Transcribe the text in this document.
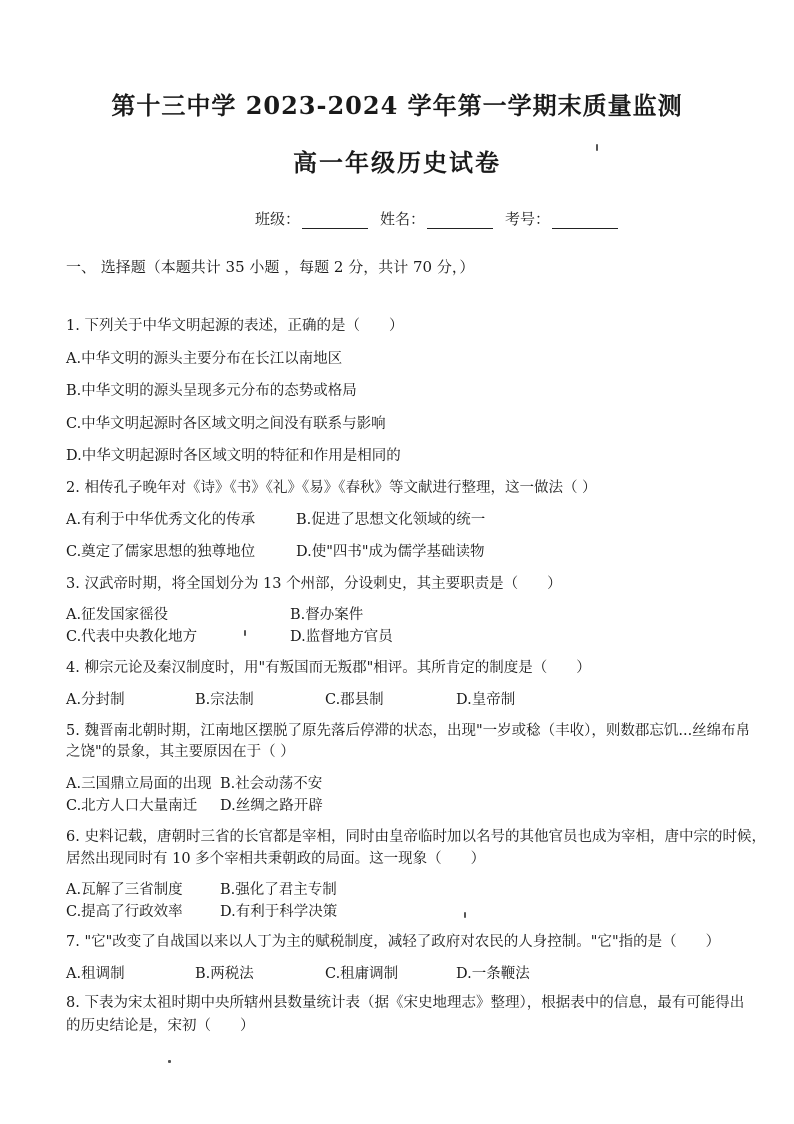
第十三中学 2023-2024 学年第一学期末质量监测
高一年级历史试卷
班级：	姓名：	考号：
一、 选择题（本题共计 35 小题 ，每题 2 分，共计 70 分，）
1. 下列关于中华文明起源的表述，正确的是（　　）
A.中华文明的源头主要分布在长江以南地区
B.中华文明的源头呈现多元分布的态势或格局
C.中华文明起源时各区域文明之间没有联系与影响
D.中华文明起源时各区域文明的特征和作用是相同的
2. 相传孔子晚年对《诗》《书》《礼》《易》《春秋》等文献进行整理，这一做法（ ）
A.有利于中华优秀文化的传承	B.促进了思想文化领域的统一
C.奠定了儒家思想的独尊地位	D.使"四书"成为儒学基础读物
3. 汉武帝时期，将全国划分为 13 个州部，分设刺史，其主要职责是（　　）
A.征发国家徭役	B.督办案件
C.代表中央教化地方	D.监督地方官员
4. 柳宗元论及秦汉制度时，用"有叛国而无叛郡"相评。其所肯定的制度是（　　）
A.分封制	B.宗法制	C.郡县制	D.皇帝制
5. 魏晋南北朝时期，江南地区摆脱了原先落后停滞的状态，出现"一岁或稔（丰收），则数郡忘饥...丝绵布帛
之饶"的景象，其主要原因在于（ ）
A.三国鼎立局面的出现 B.社会动荡不安
C.北方人口大量南迁 D.丝绸之路开辟
6. 史料记载，唐朝时三省的长官都是宰相，同时由皇帝临时加以名号的其他官员也成为宰相，唐中宗的时候，
居然出现同时有 10 多个宰相共秉朝政的局面。这一现象（　　）
A.瓦解了三省制度	B.强化了君主专制
C.提高了行政效率	D.有利于科学决策
7. "它"改变了自战国以来以人丁为主的赋税制度，减轻了政府对农民的人身控制。"它"指的是（　　）
A.租调制	B.两税法	C.租庸调制	D.一条鞭法
8. 下表为宋太祖时期中央所辖州县数量统计表（据《宋史地理志》整理），根据表中的信息，最有可能得出
的历史结论是，宋初（　　）
